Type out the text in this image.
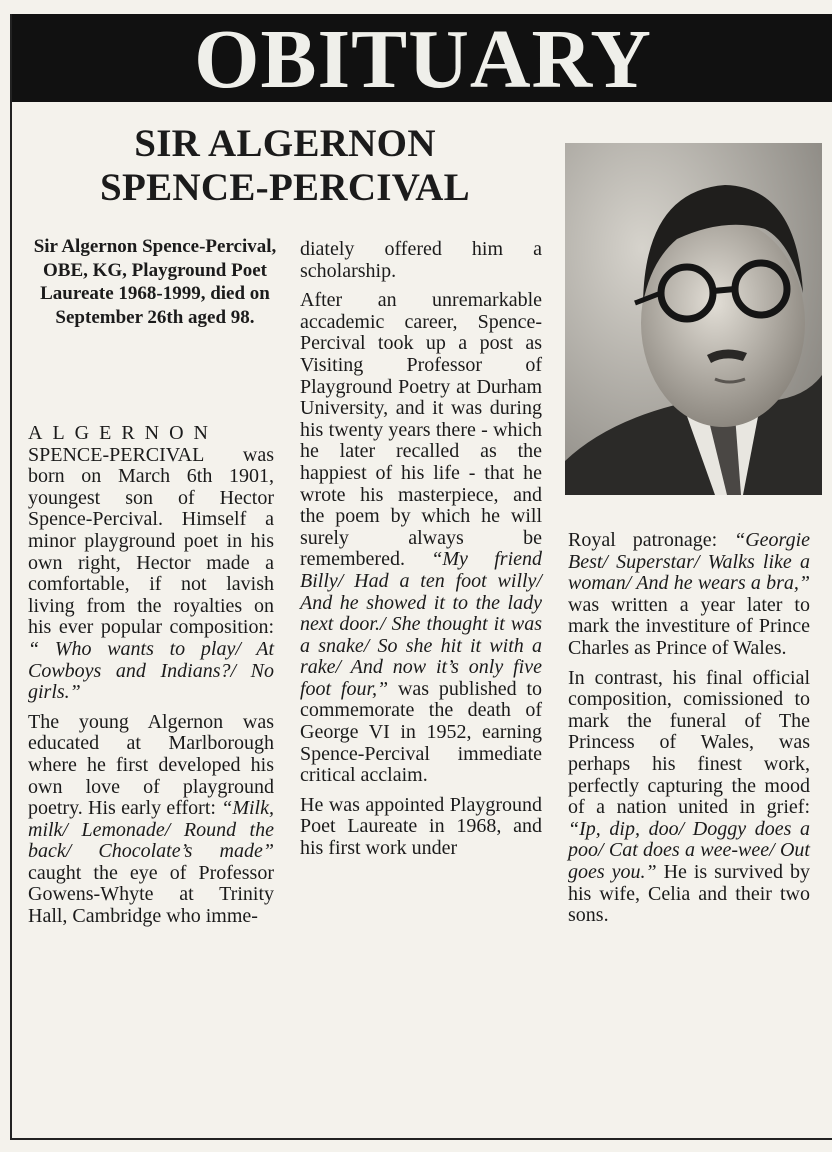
OBITUARY
SIR ALGERNON
SPENCE-PERCIVAL

Sir Algernon Spence-Percival, OBE, KG, Playground Poet Laureate 1968-1999, died on September 26th aged 98.

ALGERNON SPENCE-PERCIVAL was born on March 6th 1901, youngest son of Hector Spence-Percival. Himself a minor playground poet in his own right, Hector made a comfortable, if not lavish living from the royalties on his ever popular composition: “ Who wants to play/ At Cowboys and Indians?/ No girls.”

The young Algernon was educated at Marlborough where he first developed his own love of playground poetry. His early effort: “Milk, milk/ Lemonade/ Round the back/ Chocolate’s made” caught the eye of Professor Gowens-Whyte at Trinity Hall, Cambridge who imme-

diately offered him a scholarship.

After an unremarkable accademic career, Spence-Percival took up a post as Visiting Professor of Playground Poetry at Durham University, and it was during his twenty years there - which he later recalled as the happiest of his life - that he wrote his masterpiece, and the poem by which he will surely always be remembered. “My friend Billy/ Had a ten foot willy/ And he showed it to the lady next door./ She thought it was a snake/ So she hit it with a rake/ And now it’s only five foot four,” was published to commemorate the death of George VI in 1952, earning Spence-Percival immediate critical acclaim.

He was appointed Playground Poet Laureate in 1968, and his first work under

Royal patronage: “Georgie Best/ Superstar/ Walks like a woman/ And he wears a bra,” was written a year later to mark the investiture of Prince Charles as Prince of Wales.

In contrast, his final official composition, comissioned to mark the funeral of The Princess of Wales, was perhaps his finest work, perfectly capturing the mood of a nation united in grief: “Ip, dip, doo/ Doggy does a poo/ Cat does a wee-wee/ Out goes you.” He is survived by his wife, Celia and their two sons.
